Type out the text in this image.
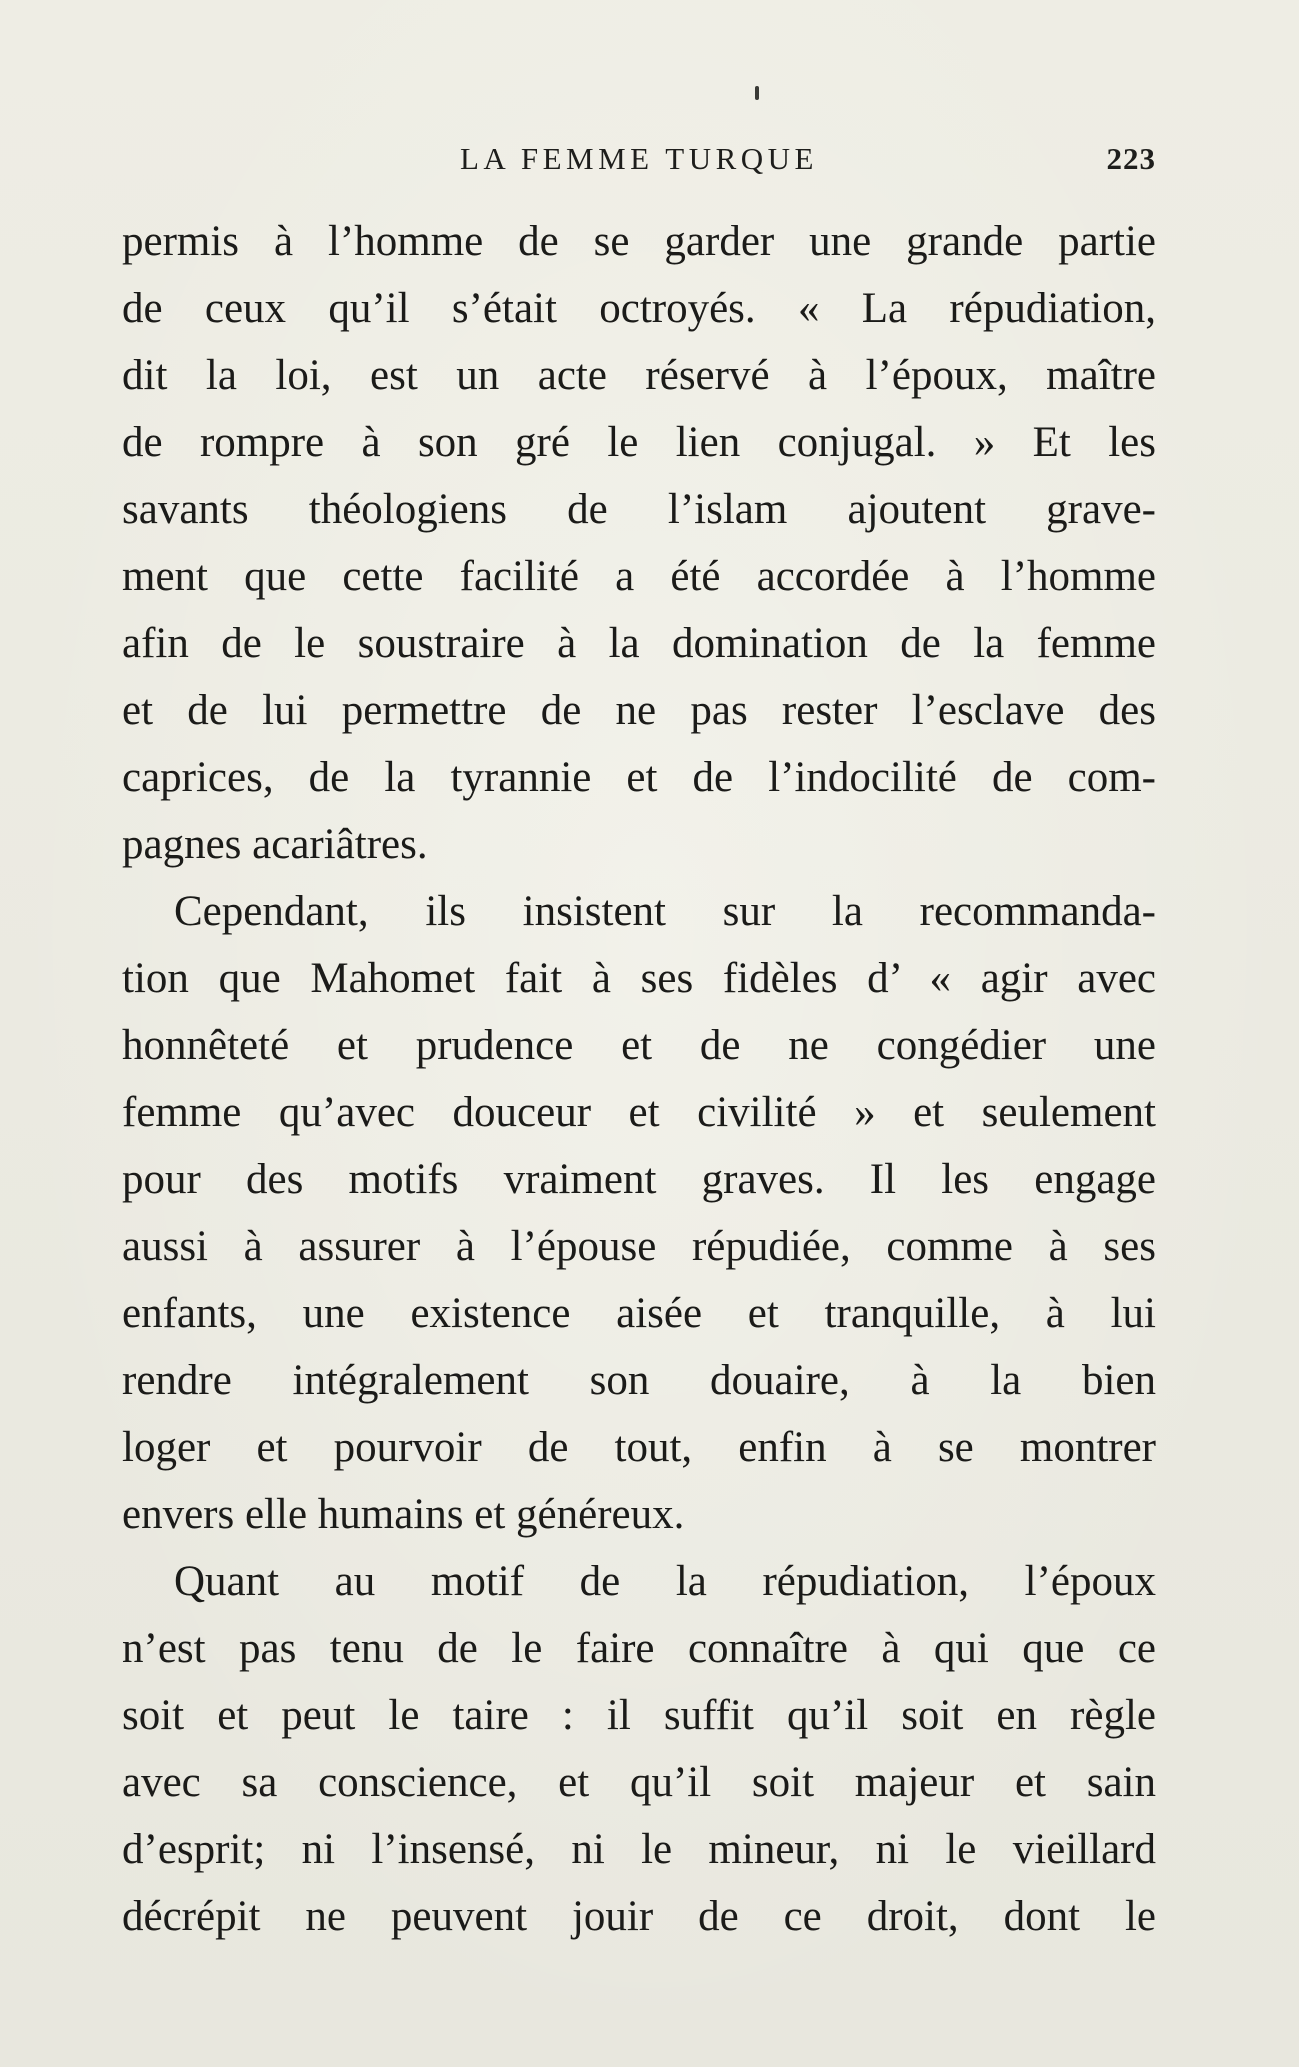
LA FEMME TURQUE	223
permis à l’homme de se garder une grande partie
de ceux qu’il s’était octroyés. « La répudiation,
dit la loi, est un acte réservé à l’époux, maître
de rompre à son gré le lien conjugal. » Et les
savants théologiens de l’islam ajoutent grave-
ment que cette facilité a été accordée à l’homme
afin de le soustraire à la domination de la femme
et de lui permettre de ne pas rester l’esclave des
caprices, de la tyrannie et de l’indocilité de com-
pagnes acariâtres.
Cependant, ils insistent sur la recommanda-
tion que Mahomet fait à ses fidèles d’ « agir avec
honnêteté et prudence et de ne congédier une
femme qu’avec douceur et civilité » et seulement
pour des motifs vraiment graves. Il les engage
aussi à assurer à l’épouse répudiée, comme à ses
enfants, une existence aisée et tranquille, à lui
rendre intégralement son douaire, à la bien
loger et pourvoir de tout, enfin à se montrer
envers elle humains et généreux.
Quant au motif de la répudiation, l’époux
n’est pas tenu de le faire connaître à qui que ce
soit et peut le taire : il suffit qu’il soit en règle
avec sa conscience, et qu’il soit majeur et sain
d’esprit; ni l’insensé, ni le mineur, ni le vieillard
décrépit ne peuvent jouir de ce droit, dont le
